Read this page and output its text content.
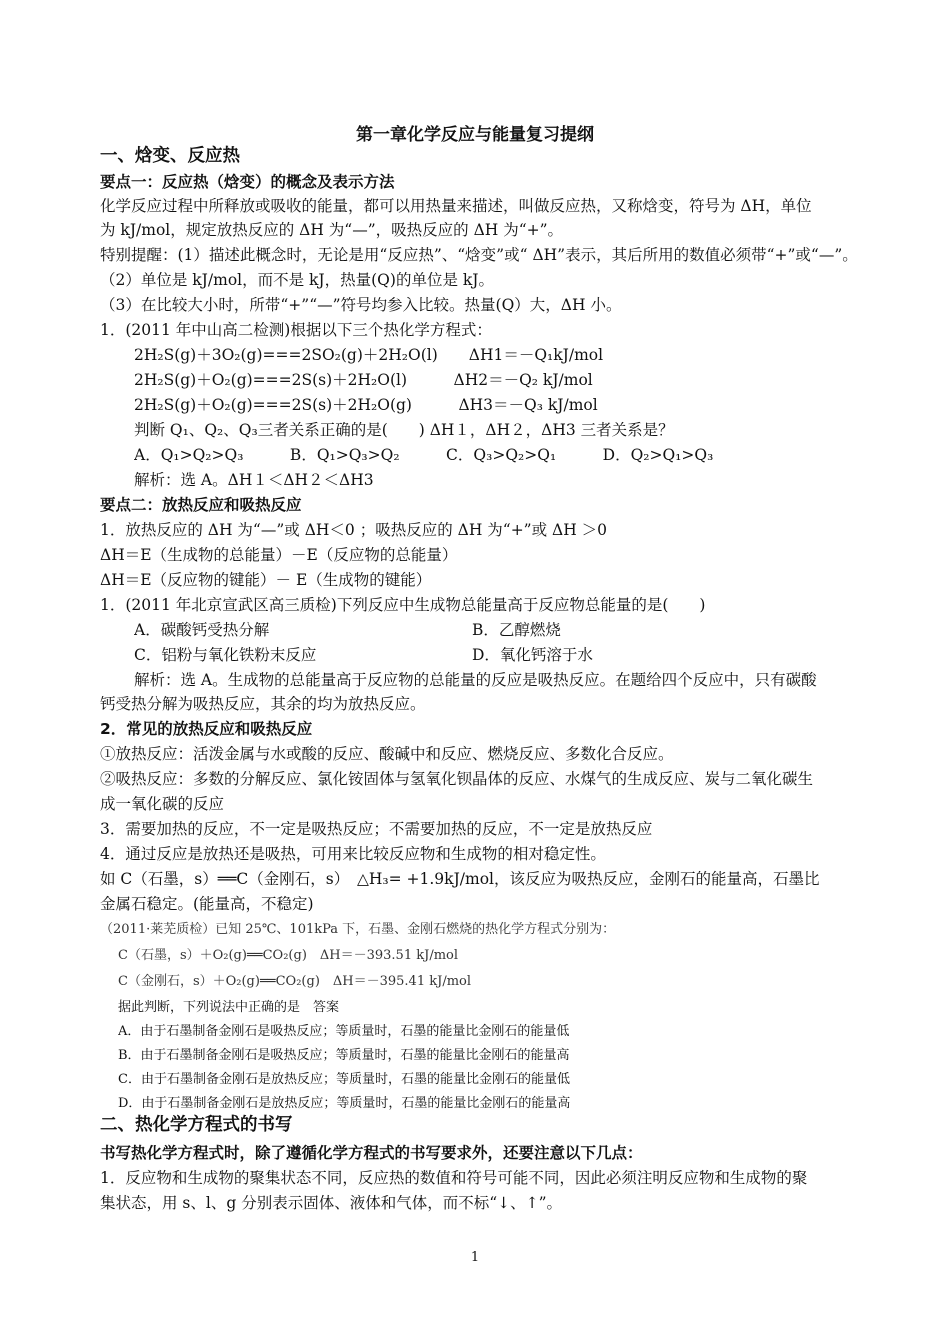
第一章化学反应与能量复习提纲
一、焓变、反应热
要点一：反应热（焓变）的概念及表示方法
化学反应过程中所释放或吸收的能量，都可以用热量来描述，叫做反应热，又称焓变，符号为 ΔH，单位
为 kJ/mol，规定放热反应的 ΔH 为“—”，吸热反应的 ΔH 为“+”。
特别提醒：(1）描述此概念时，无论是用“反应热”、“焓变”或“ ΔH”表示，其后所用的数值必须带“+”或“—”。
（2）单位是 kJ/mol，而不是 kJ，热量(Q)的单位是 kJ。
（3）在比较大小时，所带“+”“—”符号均参入比较。热量(Q）大，ΔH 小。
1．(2011 年中山高二检测)根据以下三个热化学方程式：
2H₂S(g)＋3O₂(g)===2SO₂(g)＋2H₂O(l)　　ΔH1＝－Q₁kJ/mol
2H₂S(g)＋O₂(g)===2S(s)＋2H₂O(l)　　　ΔH2＝－Q₂ kJ/mol
2H₂S(g)＋O₂(g)===2S(s)＋2H₂O(g)　　　ΔH3＝－Q₃ kJ/mol
判断 Q₁、Q₂、Q₃三者关系正确的是(　　) ΔH１，ΔH２，ΔH3 三者关系是？
A．Q₁>Q₂>Q₃　　　B．Q₁>Q₃>Q₂　　　C．Q₃>Q₂>Q₁　　　D．Q₂>Q₁>Q₃
解析：选 A。ΔH１＜ΔH２＜ΔH3
要点二：放热反应和吸热反应
1．放热反应的 ΔH 为“—”或 ΔH＜0 ；吸热反应的 ΔH 为“+”或 ΔH ＞0
ΔH＝E（生成物的总能量）－E（反应物的总能量）
ΔH＝E（反应物的键能）－ E（生成物的键能）
1．(2011 年北京宣武区高三质检)下列反应中生成物总能量高于反应物总能量的是(　　)
A．碳酸钙受热分解	B．乙醇燃烧
C．铝粉与氧化铁粉末反应	D．氧化钙溶于水
解析：选 A。生成物的总能量高于反应物的总能量的反应是吸热反应。在题给四个反应中，只有碳酸
钙受热分解为吸热反应，其余的均为放热反应。
2．常见的放热反应和吸热反应
①放热反应：活泼金属与水或酸的反应、酸碱中和反应、燃烧反应、多数化合反应。
②吸热反应：多数的分解反应、氯化铵固体与氢氧化钡晶体的反应、水煤气的生成反应、炭与二氧化碳生
成一氧化碳的反应
3．需要加热的反应，不一定是吸热反应；不需要加热的反应，不一定是放热反应
4．通过反应是放热还是吸热，可用来比较反应物和生成物的相对稳定性。
如 C（石墨，s）══C（金刚石，s）　△H₃= +1.9kJ/mol，该反应为吸热反应，金刚石的能量高，石墨比
金属石稳定。(能量高，不稳定)
（2011·莱芜质检）已知 25℃、101kPa 下，石墨、金刚石燃烧的热化学方程式分别为：
C（石墨，s）＋O₂(g)══CO₂(g)　ΔH＝－393.51 kJ/mol
C（金刚石，s）＋O₂(g)══CO₂(g)　ΔH＝－395.41 kJ/mol
据此判断，下列说法中正确的是　答案
A．由于石墨制备金刚石是吸热反应；等质量时，石墨的能量比金刚石的能量低
B．由于石墨制备金刚石是吸热反应；等质量时，石墨的能量比金刚石的能量高
C．由于石墨制备金刚石是放热反应；等质量时，石墨的能量比金刚石的能量低
D．由于石墨制备金刚石是放热反应；等质量时，石墨的能量比金刚石的能量高
二、热化学方程式的书写
书写热化学方程式时，除了遵循化学方程式的书写要求外，还要注意以下几点：
1．反应物和生成物的聚集状态不同，反应热的数值和符号可能不同，因此必须注明反应物和生成物的聚
集状态，用 s、l、g 分别表示固体、液体和气体，而不标“↓、↑”。
1
